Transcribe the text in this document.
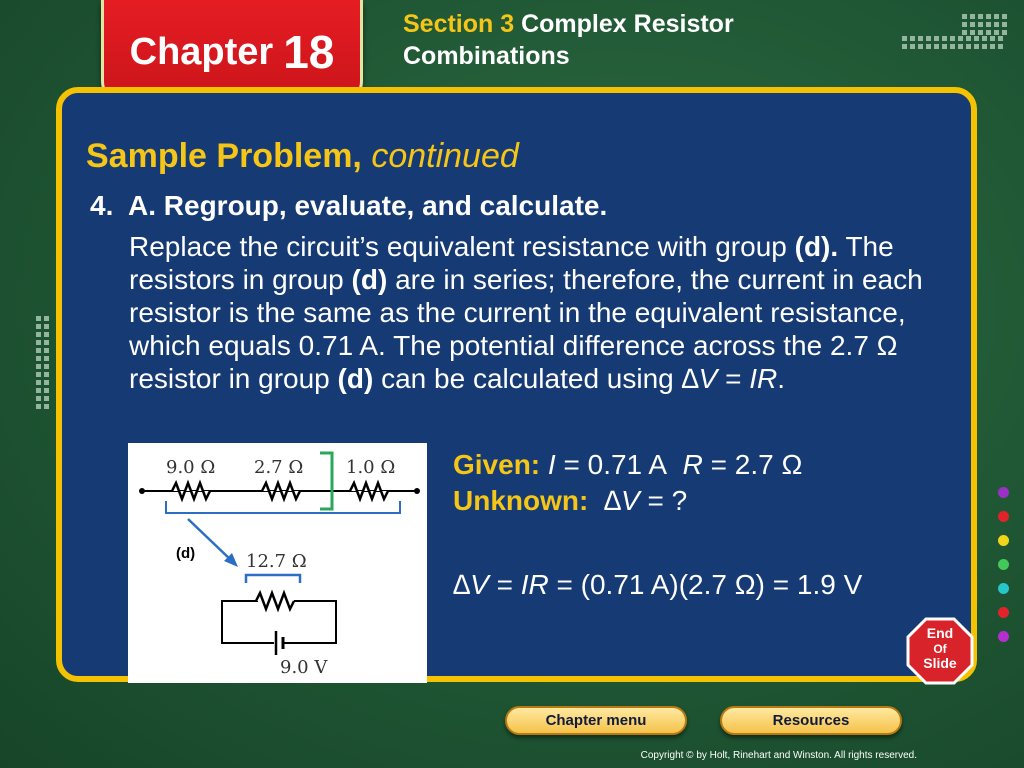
Chapter 18
Section 3 Complex Resistor Combinations
Sample Problem, continued
4. A. Regroup, evaluate, and calculate.
Replace the circuit’s equivalent resistance with group (d). The resistors in group (d) are in series; therefore, the current in each resistor is the same as the current in the equivalent resistance, which equals 0.71 A. The potential difference across the 2.7 Ω resistor in group (d) can be calculated using ∆V = IR.
9.0 Ω 2.7 Ω 1.0 Ω
(d)	12.7 Ω
9.0 V
Given: I = 0.71 A R = 2.7 Ω
Unknown: ∆V = ?
∆V = IR = (0.71 A)(2.7 Ω) = 1.9 V
End
Of
Slide
Chapter menu	Resources
Copyright © by Holt, Rinehart and Winston. All rights reserved.
